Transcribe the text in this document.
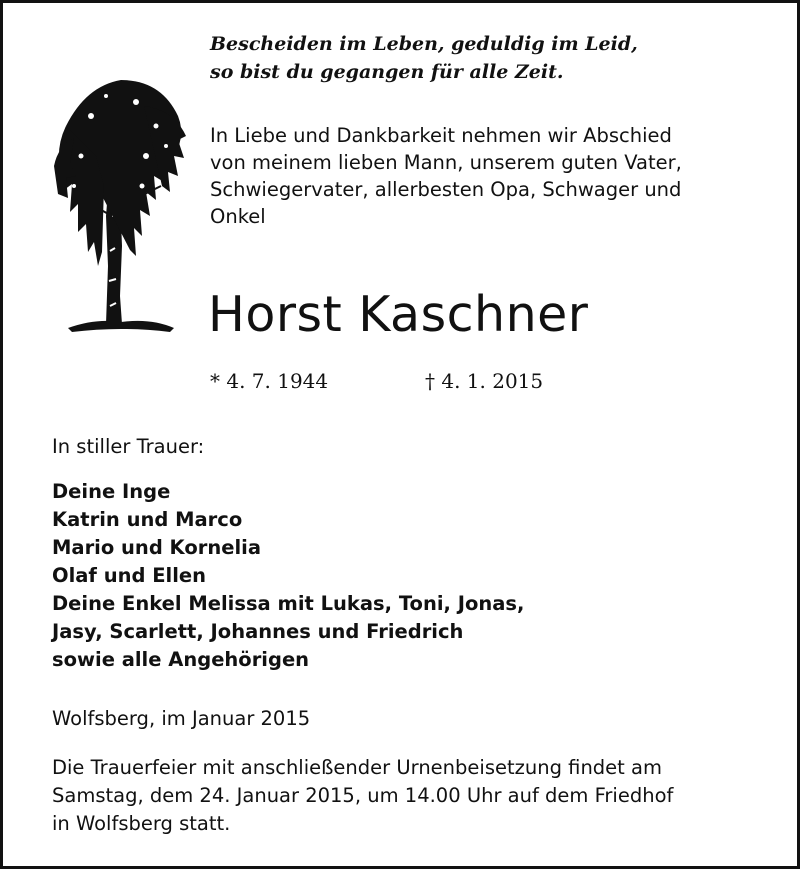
Bescheiden im Leben, geduldig im Leid,
so bist du gegangen für alle Zeit.
In Liebe und Dankbarkeit nehmen wir Abschied
von meinem lieben Mann, unserem guten Vater,
Schwiegervater, allerbesten Opa, Schwager und
Onkel
Horst Kaschner
* 4. 7. 1944	† 4. 1. 2015
In stiller Trauer:
Deine Inge
Katrin und Marco
Mario und Kornelia
Olaf und Ellen
Deine Enkel Melissa mit Lukas, Toni, Jonas,
Jasy, Scarlett, Johannes und Friedrich
sowie alle Angehörigen
Wolfsberg, im Januar 2015
Die Trauerfeier mit anschließender Urnenbeisetzung findet am
Samstag, dem 24. Januar 2015, um 14.00 Uhr auf dem Friedhof
in Wolfsberg statt.
